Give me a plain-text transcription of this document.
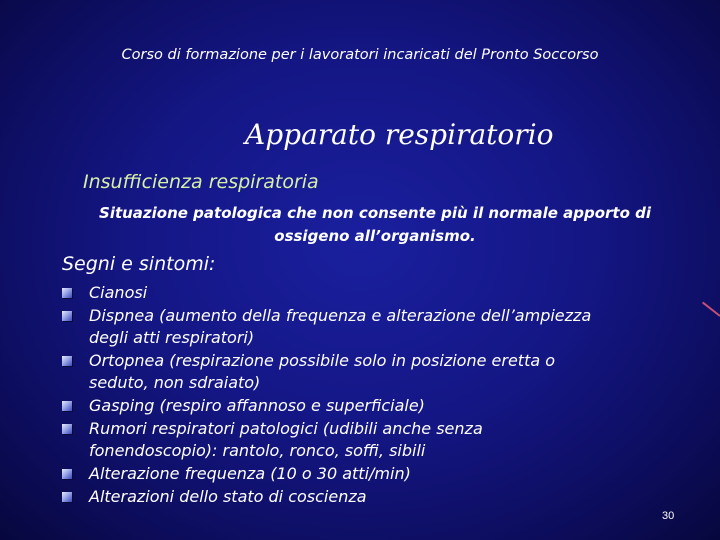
Corso di formazione per i lavoratori incaricati del Pronto Soccorso
Apparato respiratorio
Insufficienza respiratoria
Situazione patologica che non consente più il normale apporto di
ossigeno all’organismo.
Segni e sintomi:
Cianosi
Dispnea (aumento della frequenza e alterazione dell’ampiezza
degli atti respiratori)
Ortopnea (respirazione possibile solo in posizione eretta o
seduto, non sdraiato)
Gasping (respiro affannoso e superficiale)
Rumori respiratori patologici (udibili anche senza
fonendoscopio): rantolo, ronco, soffi, sibili
Alterazione frequenza (10 o 30 atti/min)
Alterazioni dello stato di coscienza
30
